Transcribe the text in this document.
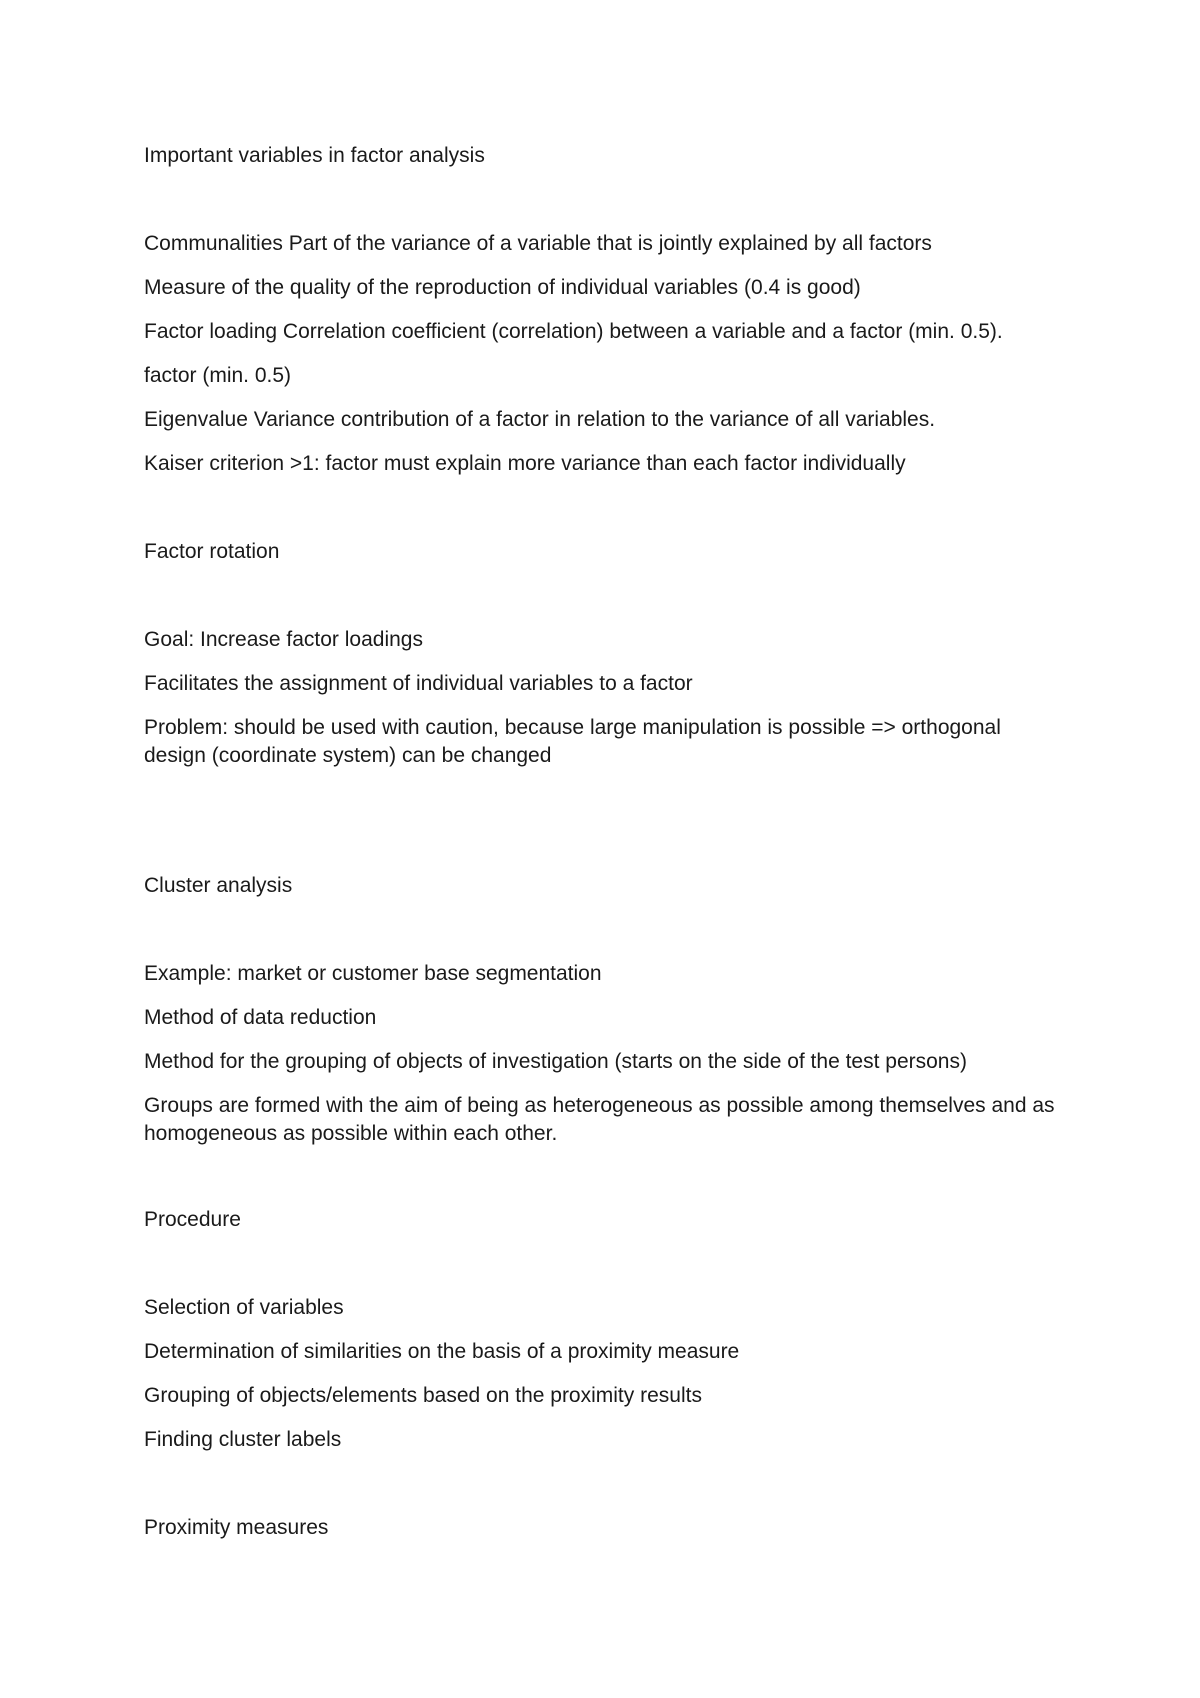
Important variables in factor analysis

Communalities Part of the variance of a variable that is jointly explained by all factors

Measure of the quality of the reproduction of individual variables (0.4 is good)

Factor loading Correlation coefficient (correlation) between a variable and a factor (min. 0.5).

factor (min. 0.5)

Eigenvalue Variance contribution of a factor in relation to the variance of all variables.

Kaiser criterion >1: factor must explain more variance than each factor individually

Factor rotation

Goal: Increase factor loadings

Facilitates the assignment of individual variables to a factor

Problem: should be used with caution, because large manipulation is possible => orthogonal design (coordinate system) can be changed

Cluster analysis

Example: market or customer base segmentation

Method of data reduction

Method for the grouping of objects of investigation (starts on the side of the test persons)

Groups are formed with the aim of being as heterogeneous as possible among themselves and as homogeneous as possible within each other.

Procedure

Selection of variables

Determination of similarities on the basis of a proximity measure

Grouping of objects/elements based on the proximity results

Finding cluster labels

Proximity measures
